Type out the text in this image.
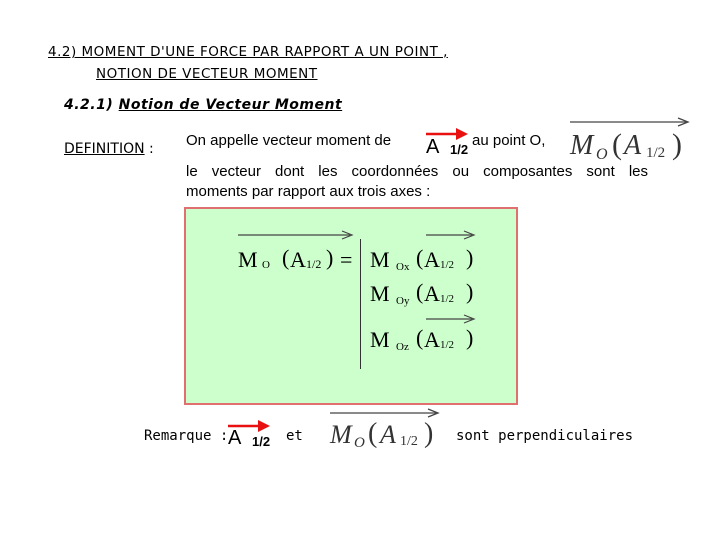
4.2) MOMENT D'UNE FORCE PAR RAPPORT A UN POINT ,
NOTION DE VECTEUR MOMENT
4.2.1) Notion de Vecteur Moment
DEFINITION : On appelle vecteur moment de A 1/2
au point O, M O ( A 1/2 )
le vecteur dont les coordonnées ou composantes sont les
moments par rapport aux trois axes :
M O ( A 1/2 ) = M Ox ( A 1/2 )
M Oy ( A 1/2 )
M Oz ( A 1/2 )
Remarque : A 1/2 et M O ( A 1/2 ) sont perpendiculaires
